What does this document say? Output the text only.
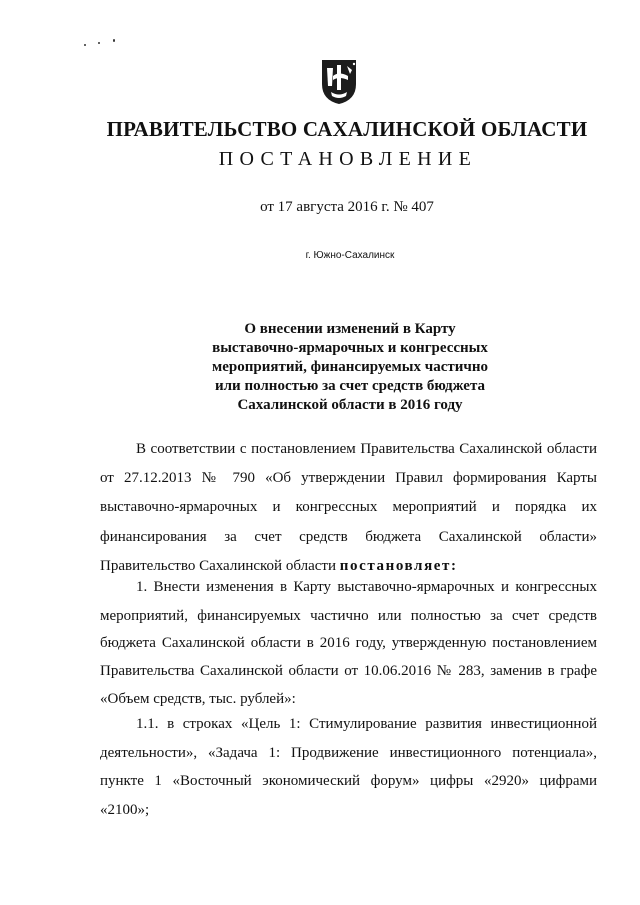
ПРАВИТЕЛЬСТВО САХАЛИНСКОЙ ОБЛАСТИ
ПОСТАНОВЛЕНИЕ
от 17 августа 2016 г. № 407
г. Южно-Сахалинск
О внесении изменений в Карту
выставочно-ярмарочных и конгрессных
мероприятий, финансируемых частично
или полностью за счет средств бюджета
Сахалинской области в 2016 году
В соответствии с постановлением Правительства Сахалинской области
от 27.12.2013 № 790 «Об утверждении Правил формирования Карты
выставочно-ярмарочных и конгрессных мероприятий и порядка их
финансирования за счет средств бюджета Сахалинской области»
Правительство Сахалинской области постановляет:
1. Внести изменения в Карту выставочно-ярмарочных и конгрессных
мероприятий, финансируемых частично или полностью за счет средств
бюджета Сахалинской области в 2016 году, утвержденную постановлением
Правительства Сахалинской области от 10.06.2016 № 283, заменив в графе
«Объем средств, тыс. рублей»:
1.1. в строках «Цель 1: Стимулирование развития инвестиционной
деятельности», «Задача 1: Продвижение инвестиционного потенциала»,
пункте 1 «Восточный экономический форум» цифры «2920» цифрами
«2100»;
